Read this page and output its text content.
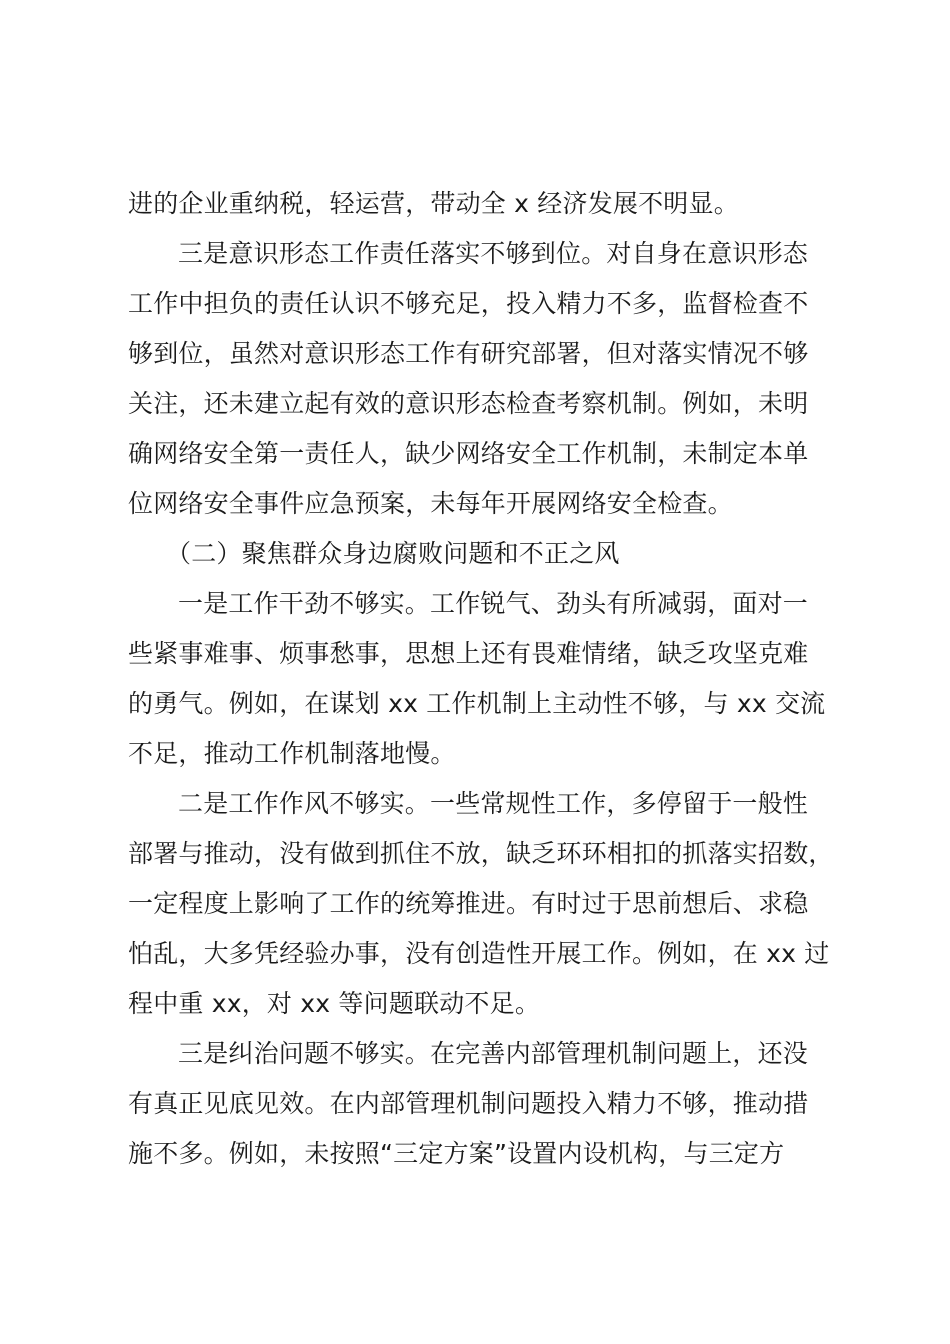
进的企业重纳税，轻运营，带动全 x 经济发展不明显。
三是意识形态工作责任落实不够到位。对自身在意识形态
工作中担负的责任认识不够充足，投入精力不多，监督检查不
够到位，虽然对意识形态工作有研究部署，但对落实情况不够
关注，还未建立起有效的意识形态检查考察机制。例如，未明
确网络安全第一责任人，缺少网络安全工作机制，未制定本单
位网络安全事件应急预案，未每年开展网络安全检查。
（二）聚焦群众身边腐败问题和不正之风
一是工作干劲不够实。工作锐气、劲头有所减弱，面对一
些紧事难事、烦事愁事，思想上还有畏难情绪，缺乏攻坚克难
的勇气。例如，在谋划 xx 工作机制上主动性不够，与 xx 交流
不足，推动工作机制落地慢。
二是工作作风不够实。一些常规性工作，多停留于一般性
部署与推动，没有做到抓住不放，缺乏环环相扣的抓落实招数，
一定程度上影响了工作的统筹推进。有时过于思前想后、求稳
怕乱，大多凭经验办事，没有创造性开展工作。例如，在 xx 过
程中重 xx，对 xx 等问题联动不足。
三是纠治问题不够实。在完善内部管理机制问题上，还没
有真正见底见效。在内部管理机制问题投入精力不够，推动措
施不多。例如，未按照“三定方案”设置内设机构，与三定方
